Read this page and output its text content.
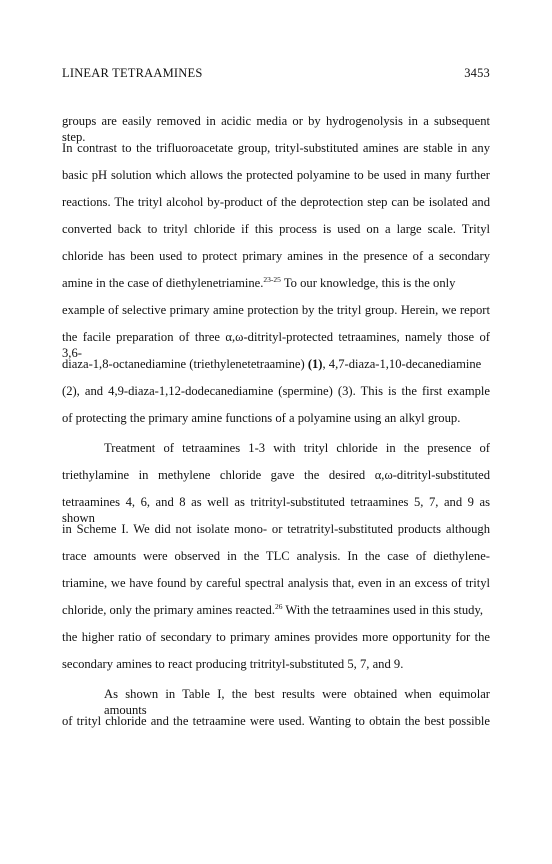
LINEAR TETRAAMINES	3453
groups are easily removed in acidic media or by hydrogenolysis in a subsequent step.
In contrast to the trifluoroacetate group, trityl-substituted amines are stable in any
basic pH solution which allows the protected polyamine to be used in many further
reactions. The trityl alcohol by-product of the deprotection step can be isolated and
converted back to trityl chloride if this process is used on a large scale. Trityl
chloride has been used to protect primary amines in the presence of a secondary
amine in the case of diethylenetriamine.$^{23-25}$ To our knowledge, this is the only
example of selective primary amine protection by the trityl group. Herein, we report
the facile preparation of three α,ω-ditrityl-protected tetraamines, namely those of 3,6-
diaza-1,8-octanediamine (triethylenetetraamine) (1), 4,7-diaza-1,10-decanediamine
(2), and 4,9-diaza-1,12-dodecanediamine (spermine) (3). This is the first example
of protecting the primary amine functions of a polyamine using an alkyl group.
Treatment of tetraamines 1-3 with trityl chloride in the presence of
triethylamine in methylene chloride gave the desired α,ω-ditrityl-substituted
tetraamines 4, 6, and 8 as well as tritrityl-substituted tetraamines 5, 7, and 9 as shown
in Scheme I. We did not isolate mono- or tetratrityl-substituted products although
trace amounts were observed in the TLC analysis. In the case of diethylene-
triamine, we have found by careful spectral analysis that, even in an excess of trityl
chloride, only the primary amines reacted.$^{26}$ With the tetraamines used in this study,
the higher ratio of secondary to primary amines provides more opportunity for the
secondary amines to react producing tritrityl-substituted 5, 7, and 9.
As shown in Table I, the best results were obtained when equimolar amounts
of trityl chloride and the tetraamine were used. Wanting to obtain the best possible
